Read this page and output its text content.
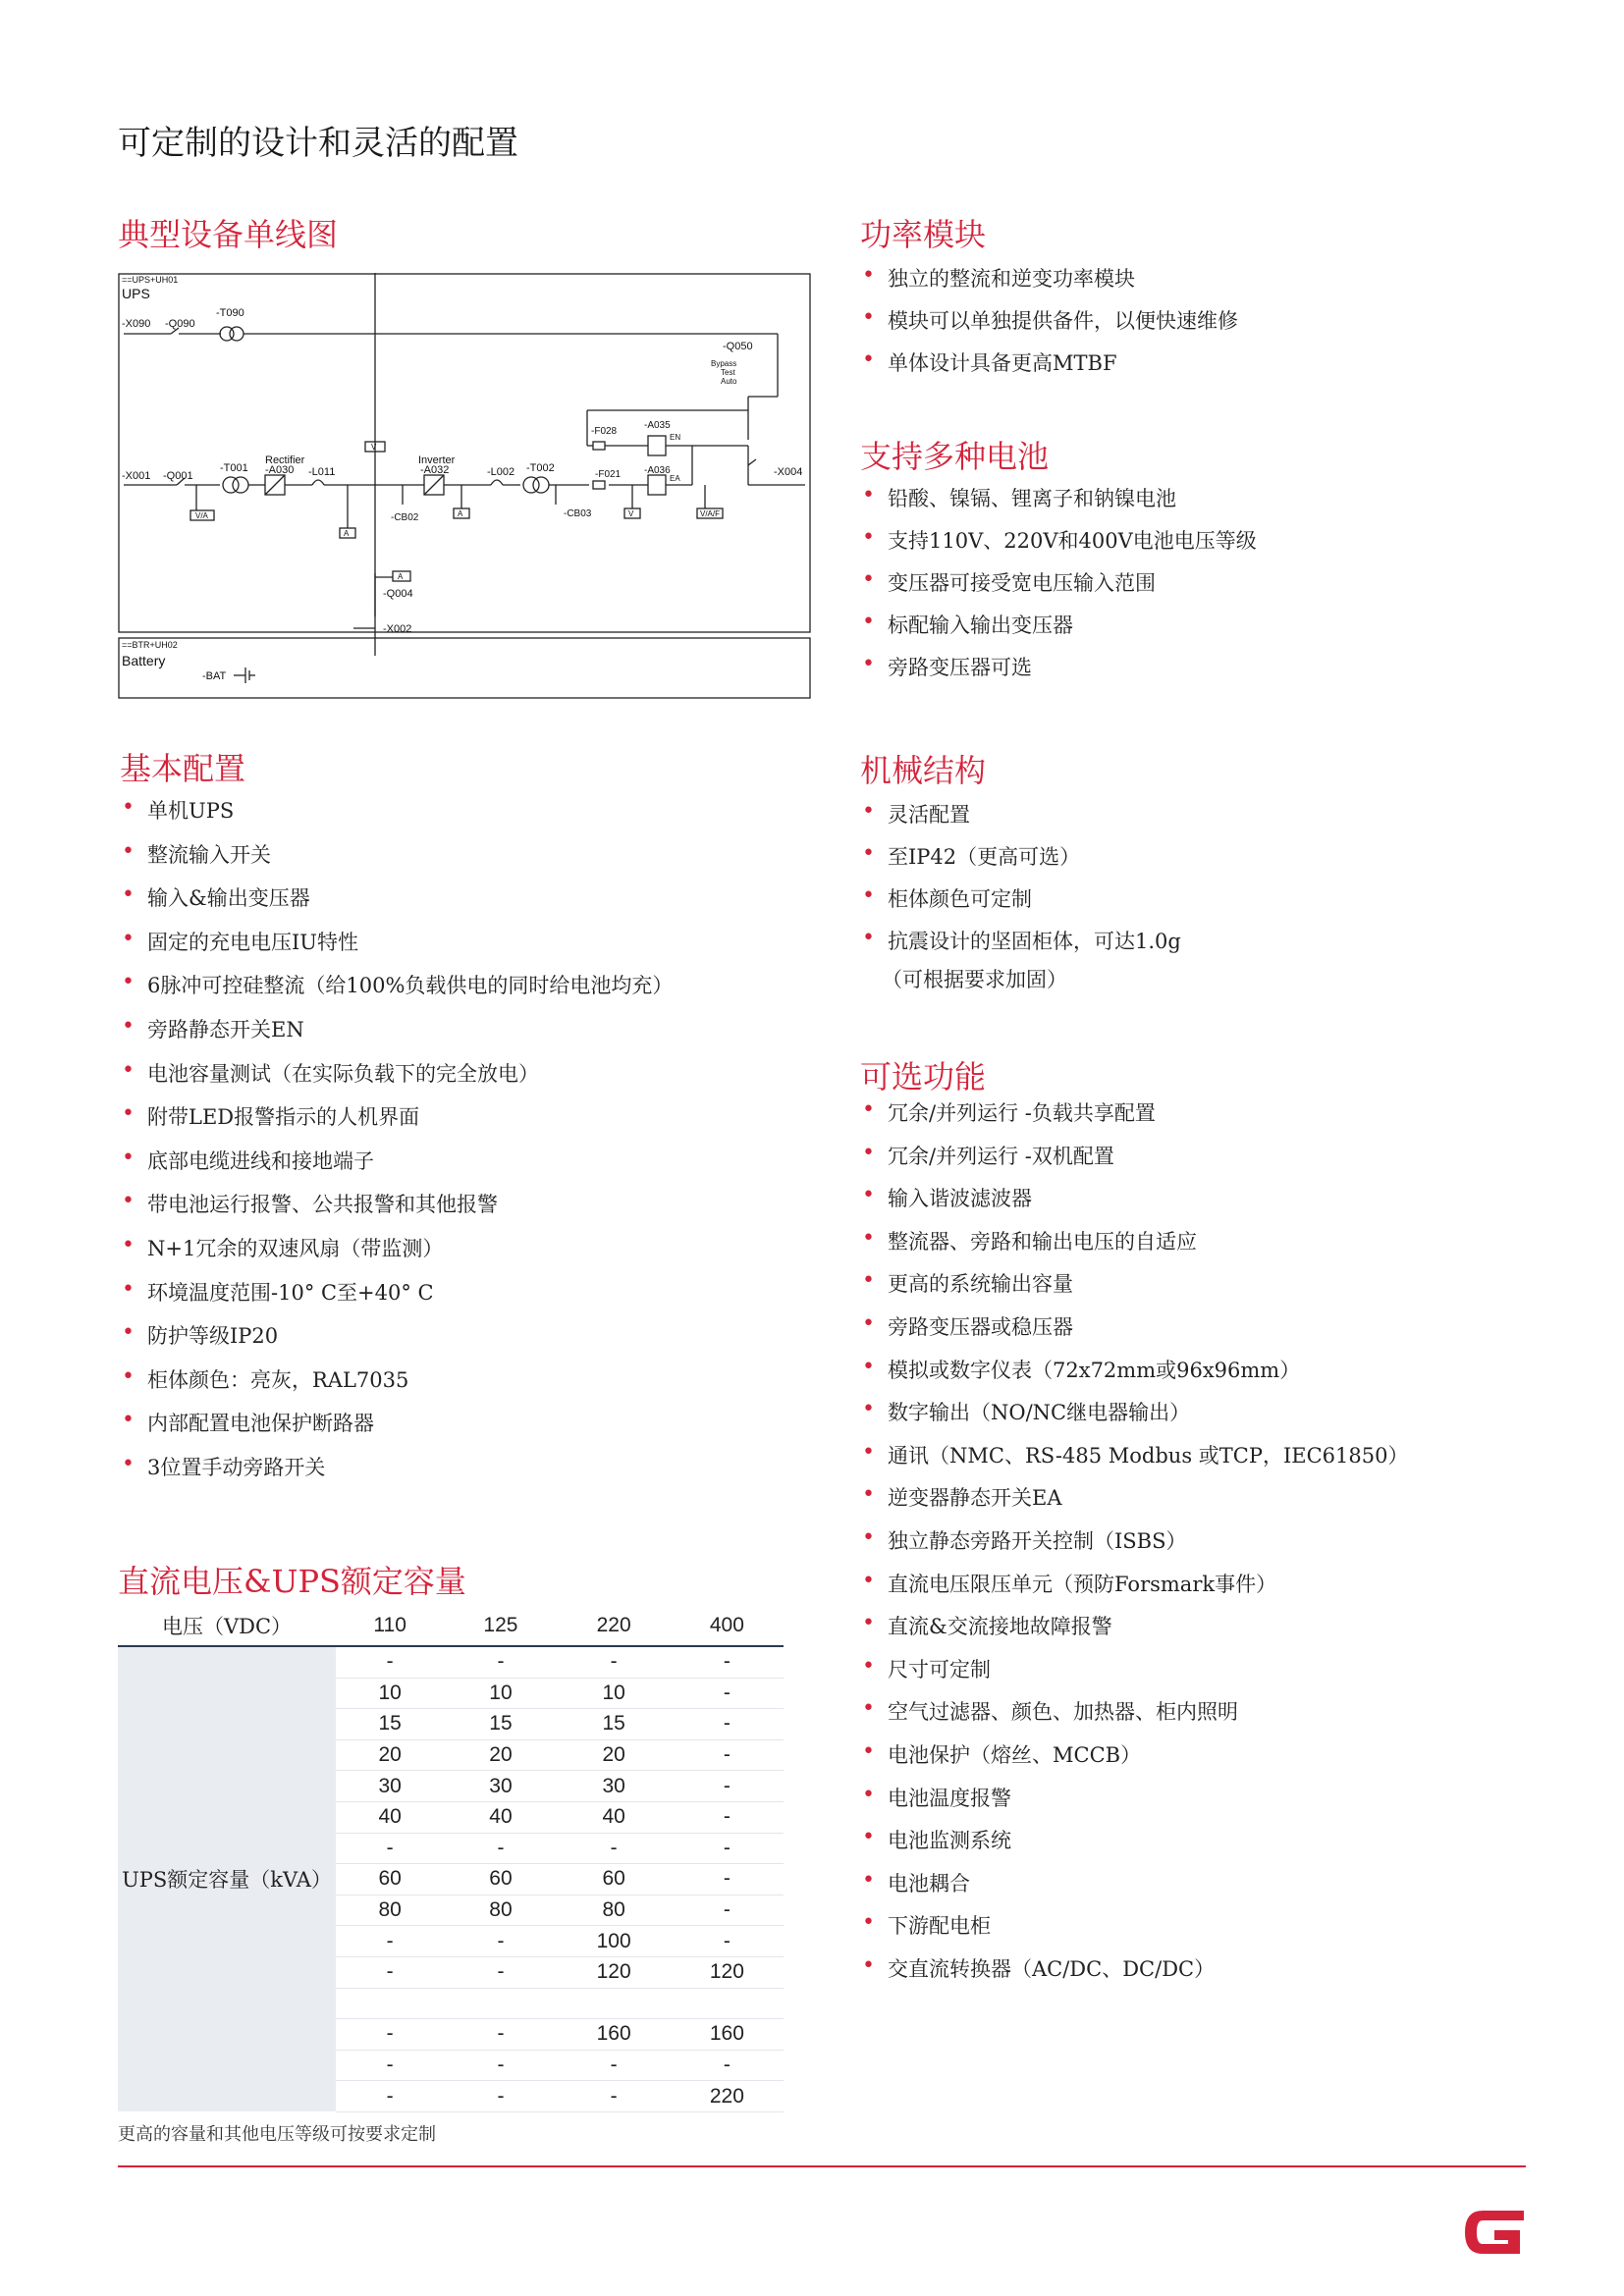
可定制的设计和灵活的配置
典型设备单线图
==UPS+UH01
UPS
-X090 -Q090
-T090
-Q050
Bypass
Test
Auto
-F028
-A035
EN
Rectifier	Inverter
-X001 -Q001
-T001 -A030 -L011	-A032	-L002 -T002
-F021 -A036
EA
-X004
V/A
A
-CB02	A	-CB03	V	V/A/F
V
A
-Q004
-X002
==BTR+UH02
Battery
-BAT
功率模块
• 独立的整流和逆变功率模块
• 模块可以单独提供备件，以便快速维修
• 单体设计具备更高MTBF
支持多种电池
• 铅酸、镍镉、锂离子和钠镍电池
• 支持110V、220V和400V电池电压等级
• 变压器可接受宽电压输入范围
• 标配输入输出变压器
• 旁路变压器可选
基本配置
• 单机UPS
• 整流输入开关
• 输入&输出变压器
• 固定的充电电压IU特性
• 6脉冲可控硅整流（给100%负载供电的同时给电池均充）
• 旁路静态开关EN
• 电池容量测试（在实际负载下的完全放电）
• 附带LED报警指示的人机界面
• 底部电缆进线和接地端子
• 带电池运行报警、公共报警和其他报警
• N+1冗余的双速风扇（带监测）
• 环境温度范围-10° C至+40° C
• 防护等级IP20
• 柜体颜色：亮灰，RAL7035
• 内部配置电池保护断路器
• 3位置手动旁路开关
机械结构
• 灵活配置
• 至IP42（更高可选）
• 柜体颜色可定制
• 抗震设计的坚固柜体，可达1.0g
（可根据要求加固）
可选功能
• 冗余/并列运行 -负载共享配置
• 冗余/并列运行 -双机配置
• 输入谐波滤波器
• 整流器、旁路和输出电压的自适应
• 更高的系统输出容量
• 旁路变压器或稳压器
• 模拟或数字仪表（72x72mm或96x96mm）
• 数字输出（NO/NC继电器输出）
• 通讯（NMC、RS-485 Modbus 或TCP，IEC61850）
• 逆变器静态开关EA
• 独立静态旁路开关控制（ISBS）
• 直流电压限压单元（预防Forsmark事件）
• 直流&交流接地故障报警
• 尺寸可定制
• 空气过滤器、颜色、加热器、柜内照明
• 电池保护（熔丝、MCCB）
• 电池温度报警
• 电池监测系统
• 电池耦合
• 下游配电柜
• 交直流转换器（AC/DC、DC/DC）
直流电压&UPS额定容量
电压（VDC）	110	125	220	400
UPS额定容量（kVA）	-	-	-	-
	10	10	10	-
	15	15	15	-
	20	20	20	-
	30	30	30	-
	40	40	40	-
	-	-	-	-
	60	60	60	-
	80	80	80	-
	-	-	100	-
	-	-	120	120

	-	-	160	160
	-	-	-	-
	-	-	-	220
更高的容量和其他电压等级可按要求定制
